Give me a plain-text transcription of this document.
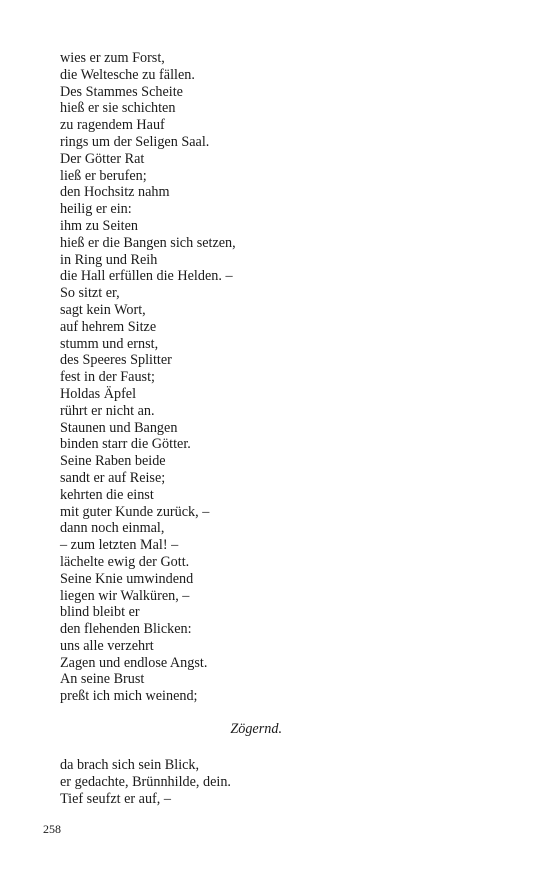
wies er zum Forst,
die Weltesche zu fällen.
Des Stammes Scheite
hieß er sie schichten
zu ragendem Hauf
rings um der Seligen Saal.
Der Götter Rat
ließ er berufen;
den Hochsitz nahm
heilig er ein:
ihm zu Seiten
hieß er die Bangen sich setzen,
in Ring und Reih
die Hall erfüllen die Helden. –
So sitzt er,
sagt kein Wort,
auf hehrem Sitze
stumm und ernst,
des Speeres Splitter
fest in der Faust;
Holdas Äpfel
rührt er nicht an.
Staunen und Bangen
binden starr die Götter.
Seine Raben beide
sandt er auf Reise;
kehrten die einst
mit guter Kunde zurück, –
dann noch einmal,
– zum letzten Mal! –
lächelte ewig der Gott.
Seine Knie umwindend
liegen wir Walküren, –
blind bleibt er
den flehenden Blicken:
uns alle verzehrt
Zagen und endlose Angst.
An seine Brust
preßt ich mich weinend;
Zögernd.
da brach sich sein Blick,
er gedachte, Brünnhilde, dein.
Tief seufzt er auf, –
258
